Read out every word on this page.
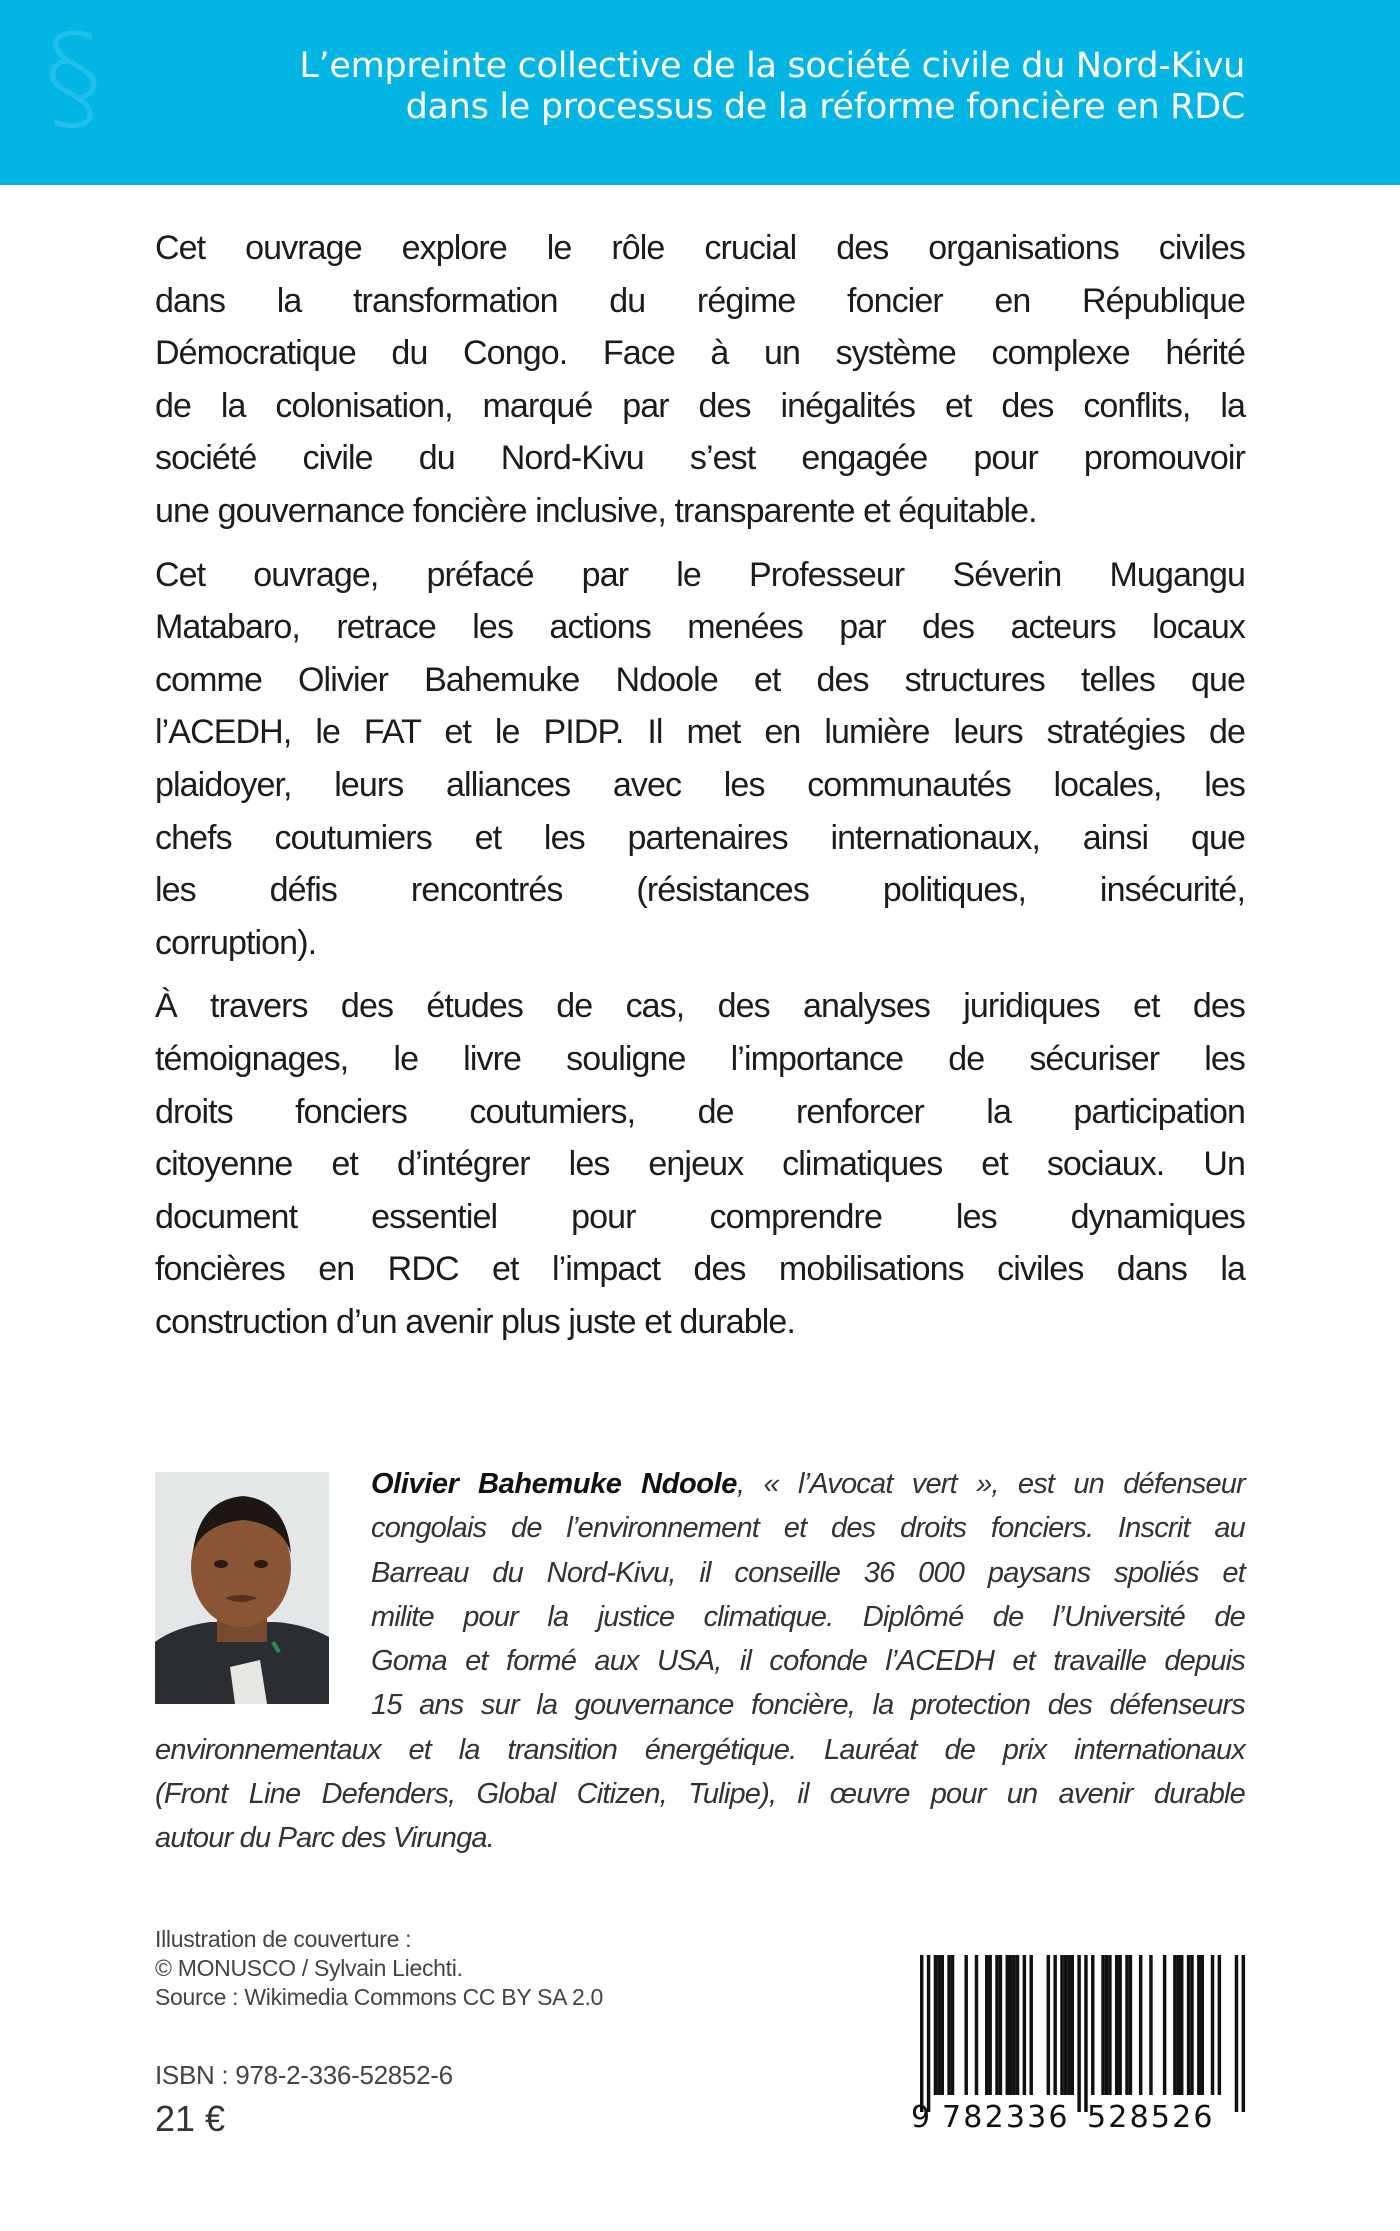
§	L’empreinte collective de la société civile du Nord-Kivu
dans le processus de la réforme foncière en RDC

Cet ouvrage explore le rôle crucial des organisations civiles
dans la transformation du régime foncier en République
Démocratique du Congo. Face à un système complexe hérité
de la colonisation, marqué par des inégalités et des conflits, la
société civile du Nord-Kivu s’est engagée pour promouvoir
une gouvernance foncière inclusive, transparente et équitable.

Cet ouvrage, préfacé par le Professeur Séverin Mugangu
Matabaro, retrace les actions menées par des acteurs locaux
comme Olivier Bahemuke Ndoole et des structures telles que
l’ACEDH, le FAT et le PIDP. Il met en lumière leurs stratégies de
plaidoyer, leurs alliances avec les communautés locales, les
chefs coutumiers et les partenaires internationaux, ainsi que
les défis rencontrés (résistances politiques, insécurité,
corruption).

À travers des études de cas, des analyses juridiques et des
témoignages, le livre souligne l’importance de sécuriser les
droits fonciers coutumiers, de renforcer la participation
citoyenne et d’intégrer les enjeux climatiques et sociaux. Un
document essentiel pour comprendre les dynamiques
foncières en RDC et l’impact des mobilisations civiles dans la
construction d’un avenir plus juste et durable.

Olivier Bahemuke Ndoole, « l’Avocat vert », est un défenseur
congolais de l’environnement et des droits fonciers. Inscrit au
Barreau du Nord-Kivu, il conseille 36 000 paysans spoliés et
milite pour la justice climatique. Diplômé de l’Université de
Goma et formé aux USA, il cofonde l’ACEDH et travaille depuis
15 ans sur la gouvernance foncière, la protection des défenseurs
environnementaux et la transition énergétique. Lauréat de prix internationaux
(Front Line Defenders, Global Citizen, Tulipe), il œuvre pour un avenir durable
autour du Parc des Virunga.
Illustration de couverture :
© MONUSCO / Sylvain Liechti.
Source : Wikimedia Commons CC BY SA 2.0
ISBN : 978-2-336-52852-6
21 €	9 782336 528526
